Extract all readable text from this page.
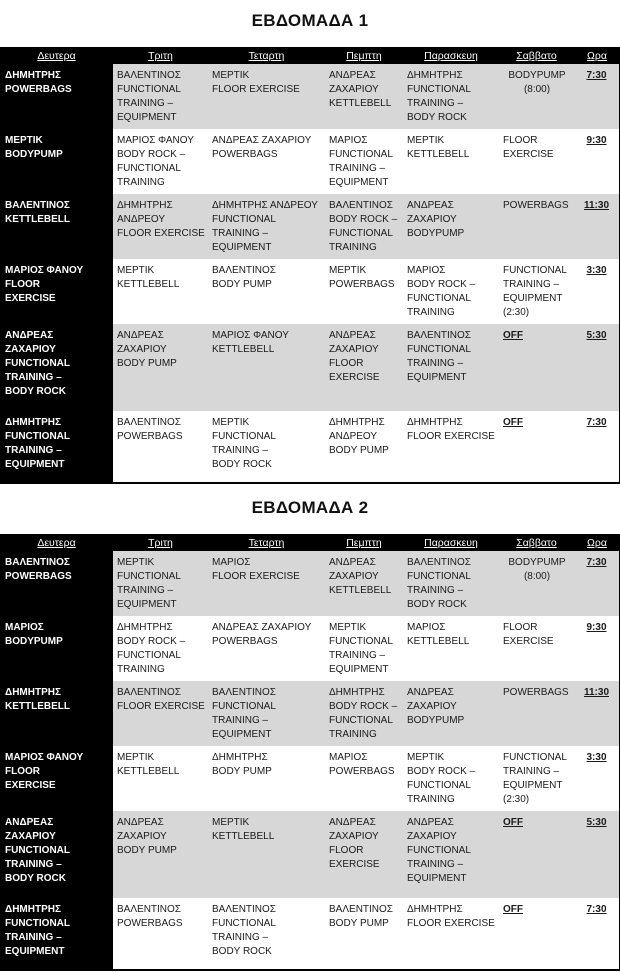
ΕΒΔΟΜΑΔΑ 1
Δευτερα	Τριτη	Τεταρτη	Πεμπτη	Παρασκευη	Σαββατο	Ωρα
ΔΗΜΗΤΡΗΣ
POWERBAGS	ΒΑΛΕΝΤΙΝΟΣ
FUNCTIONAL
TRAINING –
EQUIPMENT	ΜΕΡΤΙΚ
FLOOR EXERCISE	ΑΝΔΡΕΑΣ
ΖΑΧΑΡΙΟΥ
KETTLEBELL	ΔΗΜΗΤΡΗΣ
FUNCTIONAL
TRAINING –
BODY ROCK	BODYPUMP
(8:00)	7:30
ΜΕΡΤΙΚ
BODYPUMP	ΜΑΡΙΟΣ ΦΑΝΟΥ
BODY ROCK –
FUNCTIONAL
TRAINING	ΑΝΔΡΕΑΣ ΖΑΧΑΡΙΟΥ
POWERBAGS	ΜΑΡΙΟΣ
FUNCTIONAL
TRAINING –
EQUIPMENT	ΜΕΡΤΙΚ
KETTLEBELL	FLOOR
EXERCISE	9:30
ΒΑΛΕΝΤΙΝΟΣ
KETTLEBELL	ΔΗΜΗΤΡΗΣ
ΑΝΔΡΕΟΥ
FLOOR EXERCISE	ΔΗΜΗΤΡΗΣ ΑΝΔΡΕΟΥ
FUNCTIONAL
TRAINING –
EQUIPMENT	ΒΑΛΕΝΤΙΝΟΣ
BODY ROCK –
FUNCTIONAL
TRAINING	ΑΝΔΡΕΑΣ
ΖΑΧΑΡΙΟΥ
BODYPUMP	POWERBAGS	11:30
ΜΑΡΙΟΣ ΦΑΝΟΥ
FLOOR
EXERCISE	ΜΕΡΤΙΚ
KETTLEBELL	ΒΑΛΕΝΤΙΝΟΣ
BODY PUMP	ΜΕΡΤΙΚ
POWERBAGS	ΜΑΡΙΟΣ
BODY ROCK –
FUNCTIONAL
TRAINING	FUNCTIONAL
TRAINING –
EQUIPMENT
(2:30)	3:30
ΑΝΔΡΕΑΣ
ΖΑΧΑΡΙΟΥ
FUNCTIONAL
TRAINING –
BODY ROCK	ΑΝΔΡΕΑΣ
ΖΑΧΑΡΙΟΥ
BODY PUMP	ΜΑΡΙΟΣ ΦΑΝΟΥ
KETTLEBELL	ΑΝΔΡΕΑΣ
ΖΑΧΑΡΙΟΥ
FLOOR
EXERCISE	ΒΑΛΕΝΤΙΝΟΣ
FUNCTIONAL
TRAINING –
EQUIPMENT	OFF	5:30
ΔΗΜΗΤΡΗΣ
FUNCTIONAL
TRAINING –
EQUIPMENT	ΒΑΛΕΝΤΙΝΟΣ
POWERBAGS	ΜΕΡΤΙΚ
FUNCTIONAL
TRAINING –
BODY ROCK	ΔΗΜΗΤΡΗΣ
ΑΝΔΡΕΟΥ
BODY PUMP	ΔΗΜΗΤΡΗΣ
FLOOR EXERCISE	OFF	7:30
ΕΒΔΟΜΑΔΑ 2
Δευτερα	Τριτη	Τεταρτη	Πεμπτη	Παρασκευη	Σαββατο	Ωρα
ΒΑΛΕΝΤΙΝΟΣ
POWERBAGS	ΜΕΡΤΙΚ
FUNCTIONAL
TRAINING –
EQUIPMENT	ΜΑΡΙΟΣ
FLOOR EXERCISE	ΑΝΔΡΕΑΣ
ΖΑΧΑΡΙΟΥ
KETTLEBELL	ΒΑΛΕΝΤΙΝΟΣ
FUNCTIONAL
TRAINING –
BODY ROCK	BODYPUMP
(8:00)	7:30
ΜΑΡΙΟΣ
BODYPUMP	ΔΗΜΗΤΡΗΣ
BODY ROCK –
FUNCTIONAL
TRAINING	ΑΝΔΡΕΑΣ ΖΑΧΑΡΙΟΥ
POWERBAGS	ΜΕΡΤΙΚ
FUNCTIONAL
TRAINING –
EQUIPMENT	ΜΑΡΙΟΣ
KETTLEBELL	FLOOR
EXERCISE	9:30
ΔΗΜΗΤΡΗΣ
KETTLEBELL	ΒΑΛΕΝΤΙΝΟΣ
FLOOR EXERCISE	ΒΑΛΕΝΤΙΝΟΣ
FUNCTIONAL
TRAINING –
EQUIPMENT	ΔΗΜΗΤΡΗΣ
BODY ROCK –
FUNCTIONAL
TRAINING	ΑΝΔΡΕΑΣ
ΖΑΧΑΡΙΟΥ
BODYPUMP	POWERBAGS	11:30
ΜΑΡΙΟΣ ΦΑΝΟΥ
FLOOR
EXERCISE	ΜΕΡΤΙΚ
KETTLEBELL	ΔΗΜΗΤΡΗΣ
BODY PUMP	ΜΑΡΙΟΣ
POWERBAGS	ΜΕΡΤΙΚ
BODY ROCK –
FUNCTIONAL
TRAINING	FUNCTIONAL
TRAINING –
EQUIPMENT
(2:30)	3:30
ΑΝΔΡΕΑΣ
ΖΑΧΑΡΙΟΥ
FUNCTIONAL
TRAINING –
BODY ROCK	ΑΝΔΡΕΑΣ
ΖΑΧΑΡΙΟΥ
BODY PUMP	ΜΕΡΤΙΚ
KETTLEBELL	ΑΝΔΡΕΑΣ
ΖΑΧΑΡΙΟΥ
FLOOR
EXERCISE	ΑΝΔΡΕΑΣ
ΖΑΧΑΡΙΟΥ
FUNCTIONAL
TRAINING –
EQUIPMENT	OFF	5:30
ΔΗΜΗΤΡΗΣ
FUNCTIONAL
TRAINING –
EQUIPMENT	ΒΑΛΕΝΤΙΝΟΣ
POWERBAGS	ΒΑΛΕΝΤΙΝΟΣ
FUNCTIONAL
TRAINING –
BODY ROCK	ΒΑΛΕΝΤΙΝΟΣ
BODY PUMP	ΔΗΜΗΤΡΗΣ
FLOOR EXERCISE	OFF	7:30
